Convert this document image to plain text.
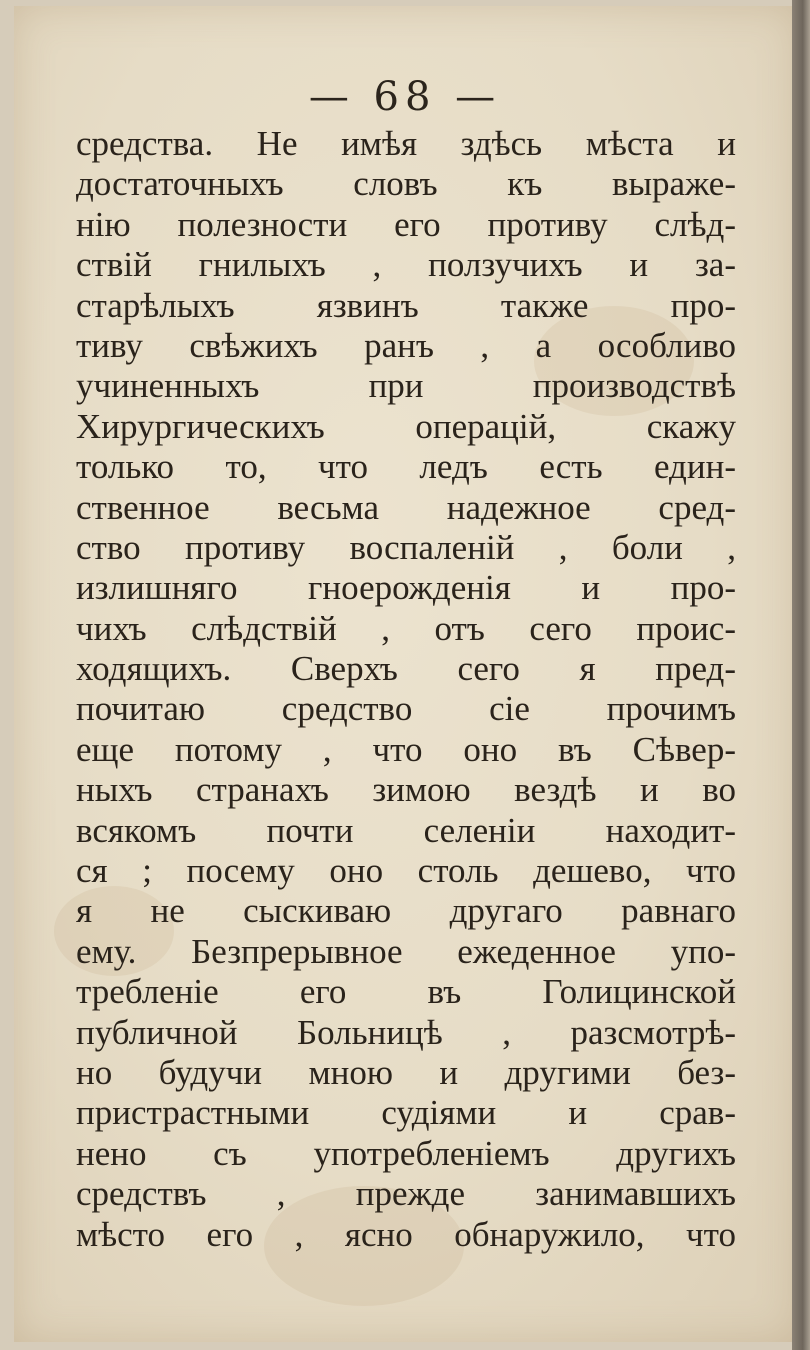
— 68 —
средства. Не имѣя здѣсь мѣста и
достаточныхъ словъ къ выраже-
нію полезности его противу слѣд-
ствій гнилыхъ , ползучихъ и за-
старѣлыхъ язвинъ также про-
тиву свѣжихъ ранъ , а особливо
учиненныхъ при производствѣ
Хирургическихъ операцій, скажу
только то, что ледъ есть един-
ственное весьма надежное сред-
ство противу воспаленій , боли ,
излишняго гноерожденія и про-
чихъ слѣдствій , отъ сего проис-
ходящихъ. Сверхъ сего я пред-
почитаю средство сіе прочимъ
еще потому , что оно въ Сѣвер-
ныхъ странахъ зимою вездѣ и во
всякомъ почти селеніи находит-
ся ; посему оно столь дешево, что
я не сыскиваю другаго равнаго
ему. Безпрерывное ежеденное упо-
требленіе его въ Голицинской
публичной Больницѣ , разсмотрѣ-
но будучи мною и другими без-
пристрастными судіями и срав-
нено съ употребленіемъ другихъ
средствъ , прежде занимавшихъ
мѣсто его , ясно обнаружило, что
